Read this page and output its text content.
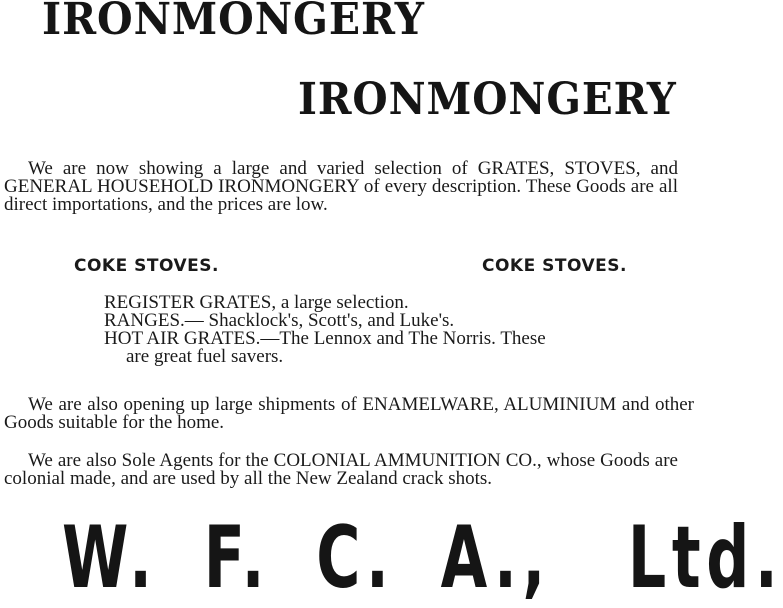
IRONMONGERY
IRONMONGERY

We are now showing a large and varied selection of GRATES, STOVES, and GENERAL HOUSEHOLD IRONMONGERY of every description. These Goods are all direct importations, and the prices are low.

COKE STOVES.	COKE STOVES.
REGISTER GRATES, a large selection.
RANGES.— Shacklock's, Scott's, and Luke's.
HOT AIR GRATES.—The Lennox and The Norris. These
are great fuel savers.

We are also opening up large shipments of ENAMELWARE, ALUMINIUM and other Goods suitable for the home.

We are also Sole Agents for the COLONIAL AMMUNITION CO., whose Goods are colonial made, and are used by all the New Zealand crack shots.

W. F. C. A., Ltd.
